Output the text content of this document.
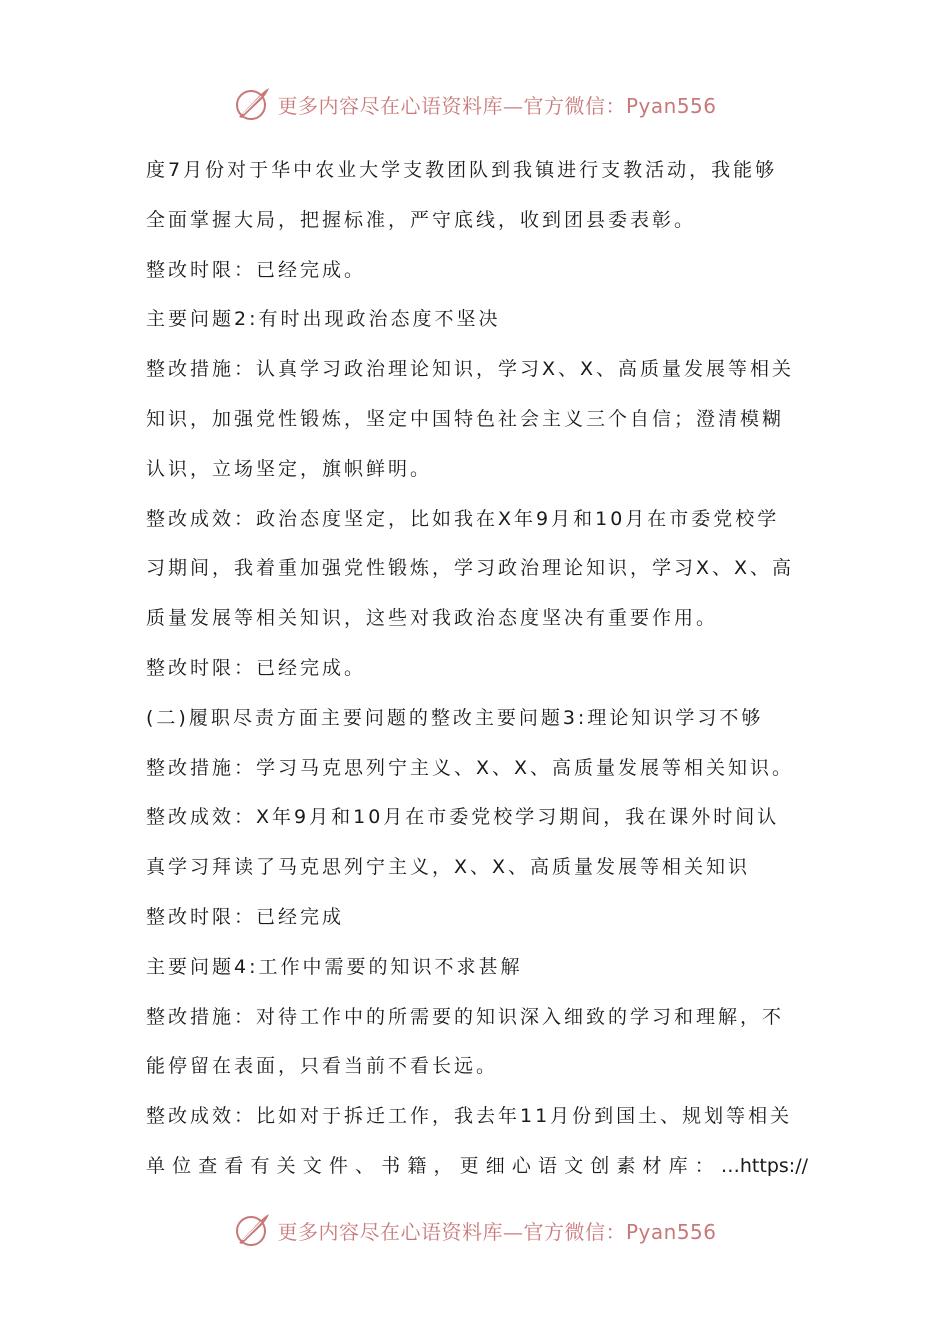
更多内容尽在心语资料库—官方微信：Pyan556
度7月份对于华中农业大学支教团队到我镇进行支教活动，我能够
全面掌握大局，把握标准，严守底线，收到团县委表彰。
整改时限：已经完成。
主要问题2:有时出现政治态度不坚决
整改措施：认真学习政治理论知识，学习X、X、高质量发展等相关
知识，加强党性锻炼，坚定中国特色社会主义三个自信；澄清模糊
认识，立场坚定，旗帜鲜明。
整改成效：政治态度坚定，比如我在X年9月和10月在市委党校学
习期间，我着重加强党性锻炼，学习政治理论知识，学习X、X、高
质量发展等相关知识，这些对我政治态度坚决有重要作用。
整改时限：已经完成。
(二)履职尽责方面主要问题的整改主要问题3:理论知识学习不够
整改措施：学习马克思列宁主义、X、X、高质量发展等相关知识。
整改成效：X年9月和10月在市委党校学习期间，我在课外时间认
真学习拜读了马克思列宁主义，X、X、高质量发展等相关知识
整改时限：已经完成
主要问题4:工作中需要的知识不求甚解
整改措施：对待工作中的所需要的知识深入细致的学习和理解，不
能停留在表面，只看当前不看长远。
整改成效：比如对于拆迁工作，我去年11月份到国土、规划等相关
单位查看有关文件、书籍，更细心语文创素材库：…https://
更多内容尽在心语资料库—官方微信：Pyan556
